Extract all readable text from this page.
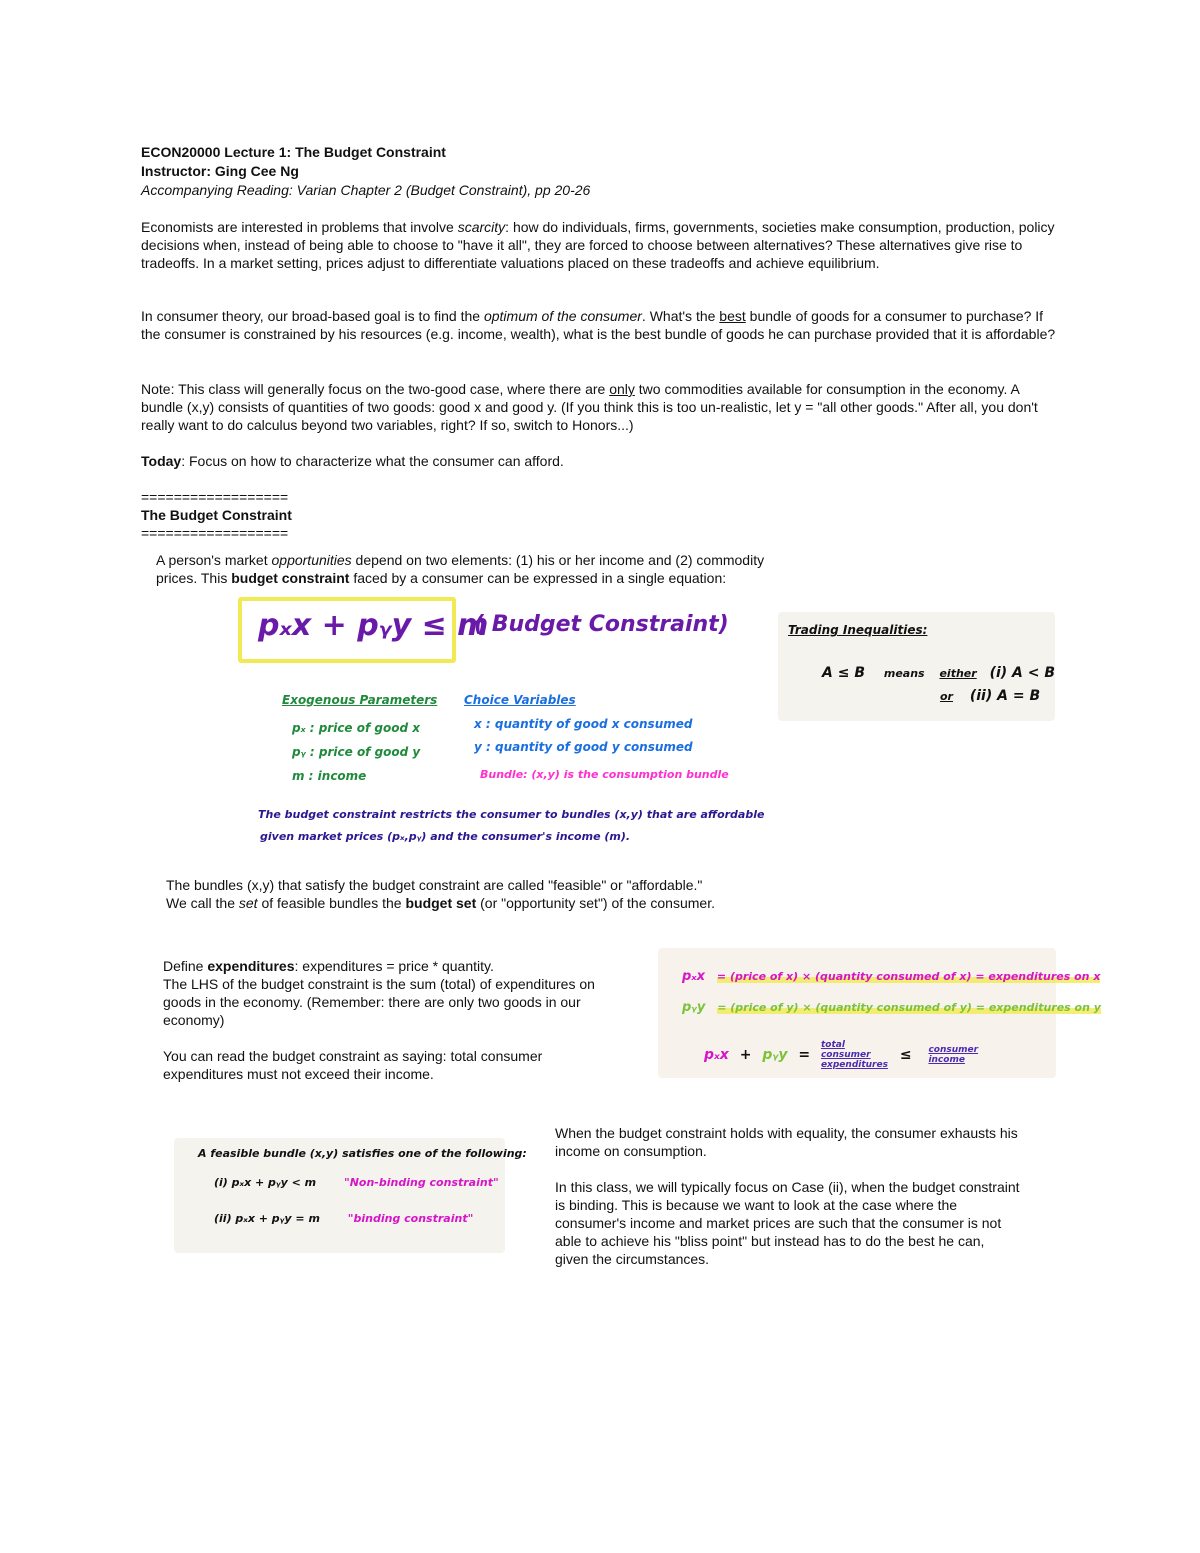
ECON20000 Lecture 1: The Budget Constraint
Instructor: Ging Cee Ng
Accompanying Reading: Varian Chapter 2 (Budget Constraint), pp 20-26
Economists are interested in problems that involve scarcity: how do individuals, firms, governments, societies make consumption, production, policy decisions when, instead of being able to choose to "have it all", they are forced to choose between alternatives? These alternatives give rise to tradeoffs. In a market setting, prices adjust to differentiate valuations placed on these tradeoffs and achieve equilibrium.
In consumer theory, our broad-based goal is to find the optimum of the consumer. What's the best bundle of goods for a consumer to purchase? If the consumer is constrained by his resources (e.g. income, wealth), what is the best bundle of goods he can purchase provided that it is affordable?
Note: This class will generally focus on the two-good case, where there are only two commodities available for consumption in the economy. A bundle (x,y) consists of quantities of two goods: good x and good y. (If you think this is too un-realistic, let y = "all other goods." After all, you don't really want to do calculus beyond two variables, right? If so, switch to Honors...)
Today: Focus on how to characterize what the consumer can afford.
==================
The Budget Constraint
==================
A person's market opportunities depend on two elements: (1) his or her income and (2) commodity
prices. This budget constraint faced by a consumer can be expressed in a single equation:
pₓx + pᵧy ≤ m
( Budget Constraint)
Exogenous Parameters
pₓ : price of good x
pᵧ : price of good y
m : income
Choice Variables
x : quantity of good x consumed
y : quantity of good y consumed
Bundle: (x,y) is the consumption bundle
The budget constraint restricts the consumer to bundles (x,y) that are affordable
given market prices (pₓ,pᵧ) and the consumer's income (m).
Trading Inequalities:
A ≤ B means either (i) A < B
or (ii) A = B
The bundles (x,y) that satisfy the budget constraint are called "feasible" or "affordable."
We call the set of feasible bundles the budget set (or "opportunity set") of the consumer.
Define expenditures: expenditures = price * quantity.
The LHS of the budget constraint is the sum (total) of expenditures on goods in the economy. (Remember: there are only two goods in our economy)
You can read the budget constraint as saying: total consumer expenditures must not exceed their income.
pₓx = (price of x) × (quantity consumed of x) = expenditures on x
pᵧy = (price of y) × (quantity consumed of y) = expenditures on y
pₓx + pᵧy = total consumer expenditures ≤ consumer income
A feasible bundle (x,y) satisfies one of the following:
(i) pₓx + pᵧy < m	"Non-binding constraint"
(ii) pₓx + pᵧy = m	"binding constraint"
When the budget constraint holds with equality, the consumer exhausts his income on consumption.
In this class, we will typically focus on Case (ii), when the budget constraint is binding. This is because we want to look at the case where the consumer's income and market prices are such that the consumer is not able to achieve his "bliss point" but instead has to do the best he can, given the circumstances.
